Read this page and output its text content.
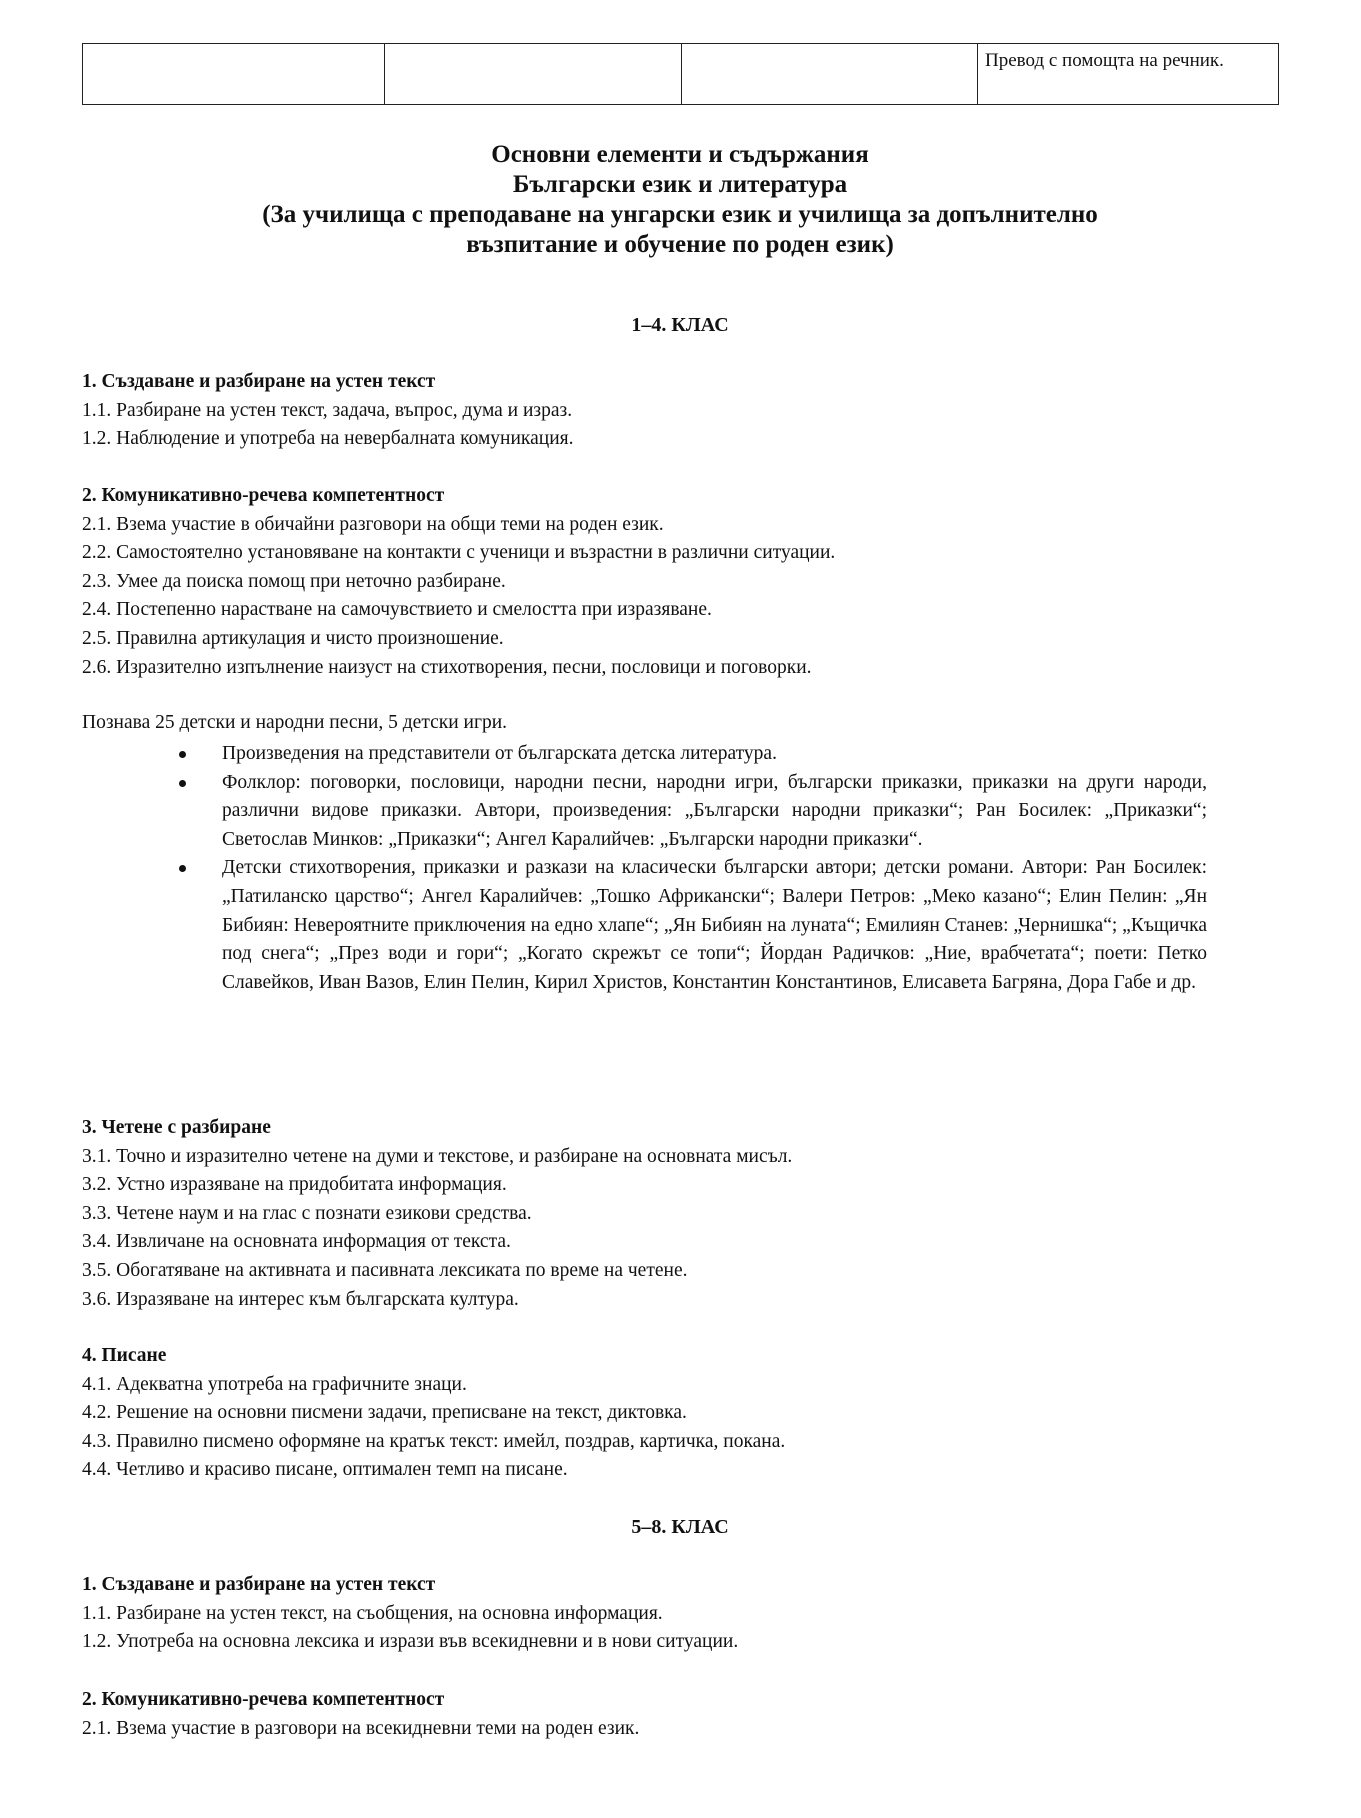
			Превод с помощта на речник.
Основни елементи и съдържания
Български език и литература
(За училища с преподаване на унгарски език и училища за допълнително
възпитание и обучение по роден език)
1–4. КЛАС
1. Създаване и разбиране на устен текст
1.1. Разбиране на устен текст, задача, въпрос, дума и израз.
1.2. Наблюдение и употреба на невербалната комуникация.
2. Комуникативно-речева компетентност
2.1. Взема участие в обичайни разговори на общи теми на роден език.
2.2. Самостоятелно установяване на контакти с ученици и възрастни в различни ситуации.
2.3. Умее да поиска помощ при неточно разбиране.
2.4. Постепенно нарастване на самочувствието и смелостта при изразяване.
2.5. Правилна артикулация и чисто произношение.
2.6. Изразително изпълнение наизуст на стихотворения, песни, пословици и поговорки.
Познава 25 детски и народни песни, 5 детски игри.
Произведения на представители от българската детска литература.
Фолклор: поговорки, пословици, народни песни, народни игри, български приказки, приказки на други народи, различни видове приказки. Автори, произведения: „Български народни приказки“; Ран Босилек: „Приказки“; Светослав Минков: „Приказки“; Ангел Каралийчев: „Български народни приказки“.
Детски стихотворения, приказки и разкази на класически български автори; детски романи. Автори: Ран Босилек: „Патиланско царство“; Ангел Каралийчев: „Тошко Африкански“; Валери Петров: „Меко казано“; Елин Пелин: „Ян Бибиян: Невероятните приключения на едно хлапе“; „Ян Бибиян на луната“; Емилиян Станев: „Чернишка“; „Къщичка под снега“; „През води и гори“; „Когато скрежът се топи“; Йордан Радичков: „Ние, врабчетата“; поети: Петко Славейков, Иван Вазов, Елин Пелин, Кирил Христов, Константин Константинов, Елисавета Багряна, Дора Габе и др.
3. Четене с разбиране
3.1. Точно и изразително четене на думи и текстове, и разбиране на основната мисъл.
3.2. Устно изразяване на придобитата информация.
3.3. Четене наум и на глас с познати езикови средства.
3.4. Извличане на основната информация от текста.
3.5. Обогатяване на активната и пасивната лексиката по време на четене.
3.6. Изразяване на интерес към българската култура.
4. Писане
4.1. Адекватна употреба на графичните знаци.
4.2. Решение на основни писмени задачи, преписване на текст, диктовка.
4.3. Правилно писмено оформяне на кратък текст: имейл, поздрав, картичка, покана.
4.4. Четливо и красиво писане, оптимален темп на писане.
5–8. КЛАС
1. Създаване и разбиране на устен текст
1.1. Разбиране на устен текст, на съобщения, на основна информация.
1.2. Употреба на основна лексика и изрази във всекидневни и в нови ситуации.
2. Комуникативно-речева компетентност
2.1. Взема участие в разговори на всекидневни теми на роден език.
